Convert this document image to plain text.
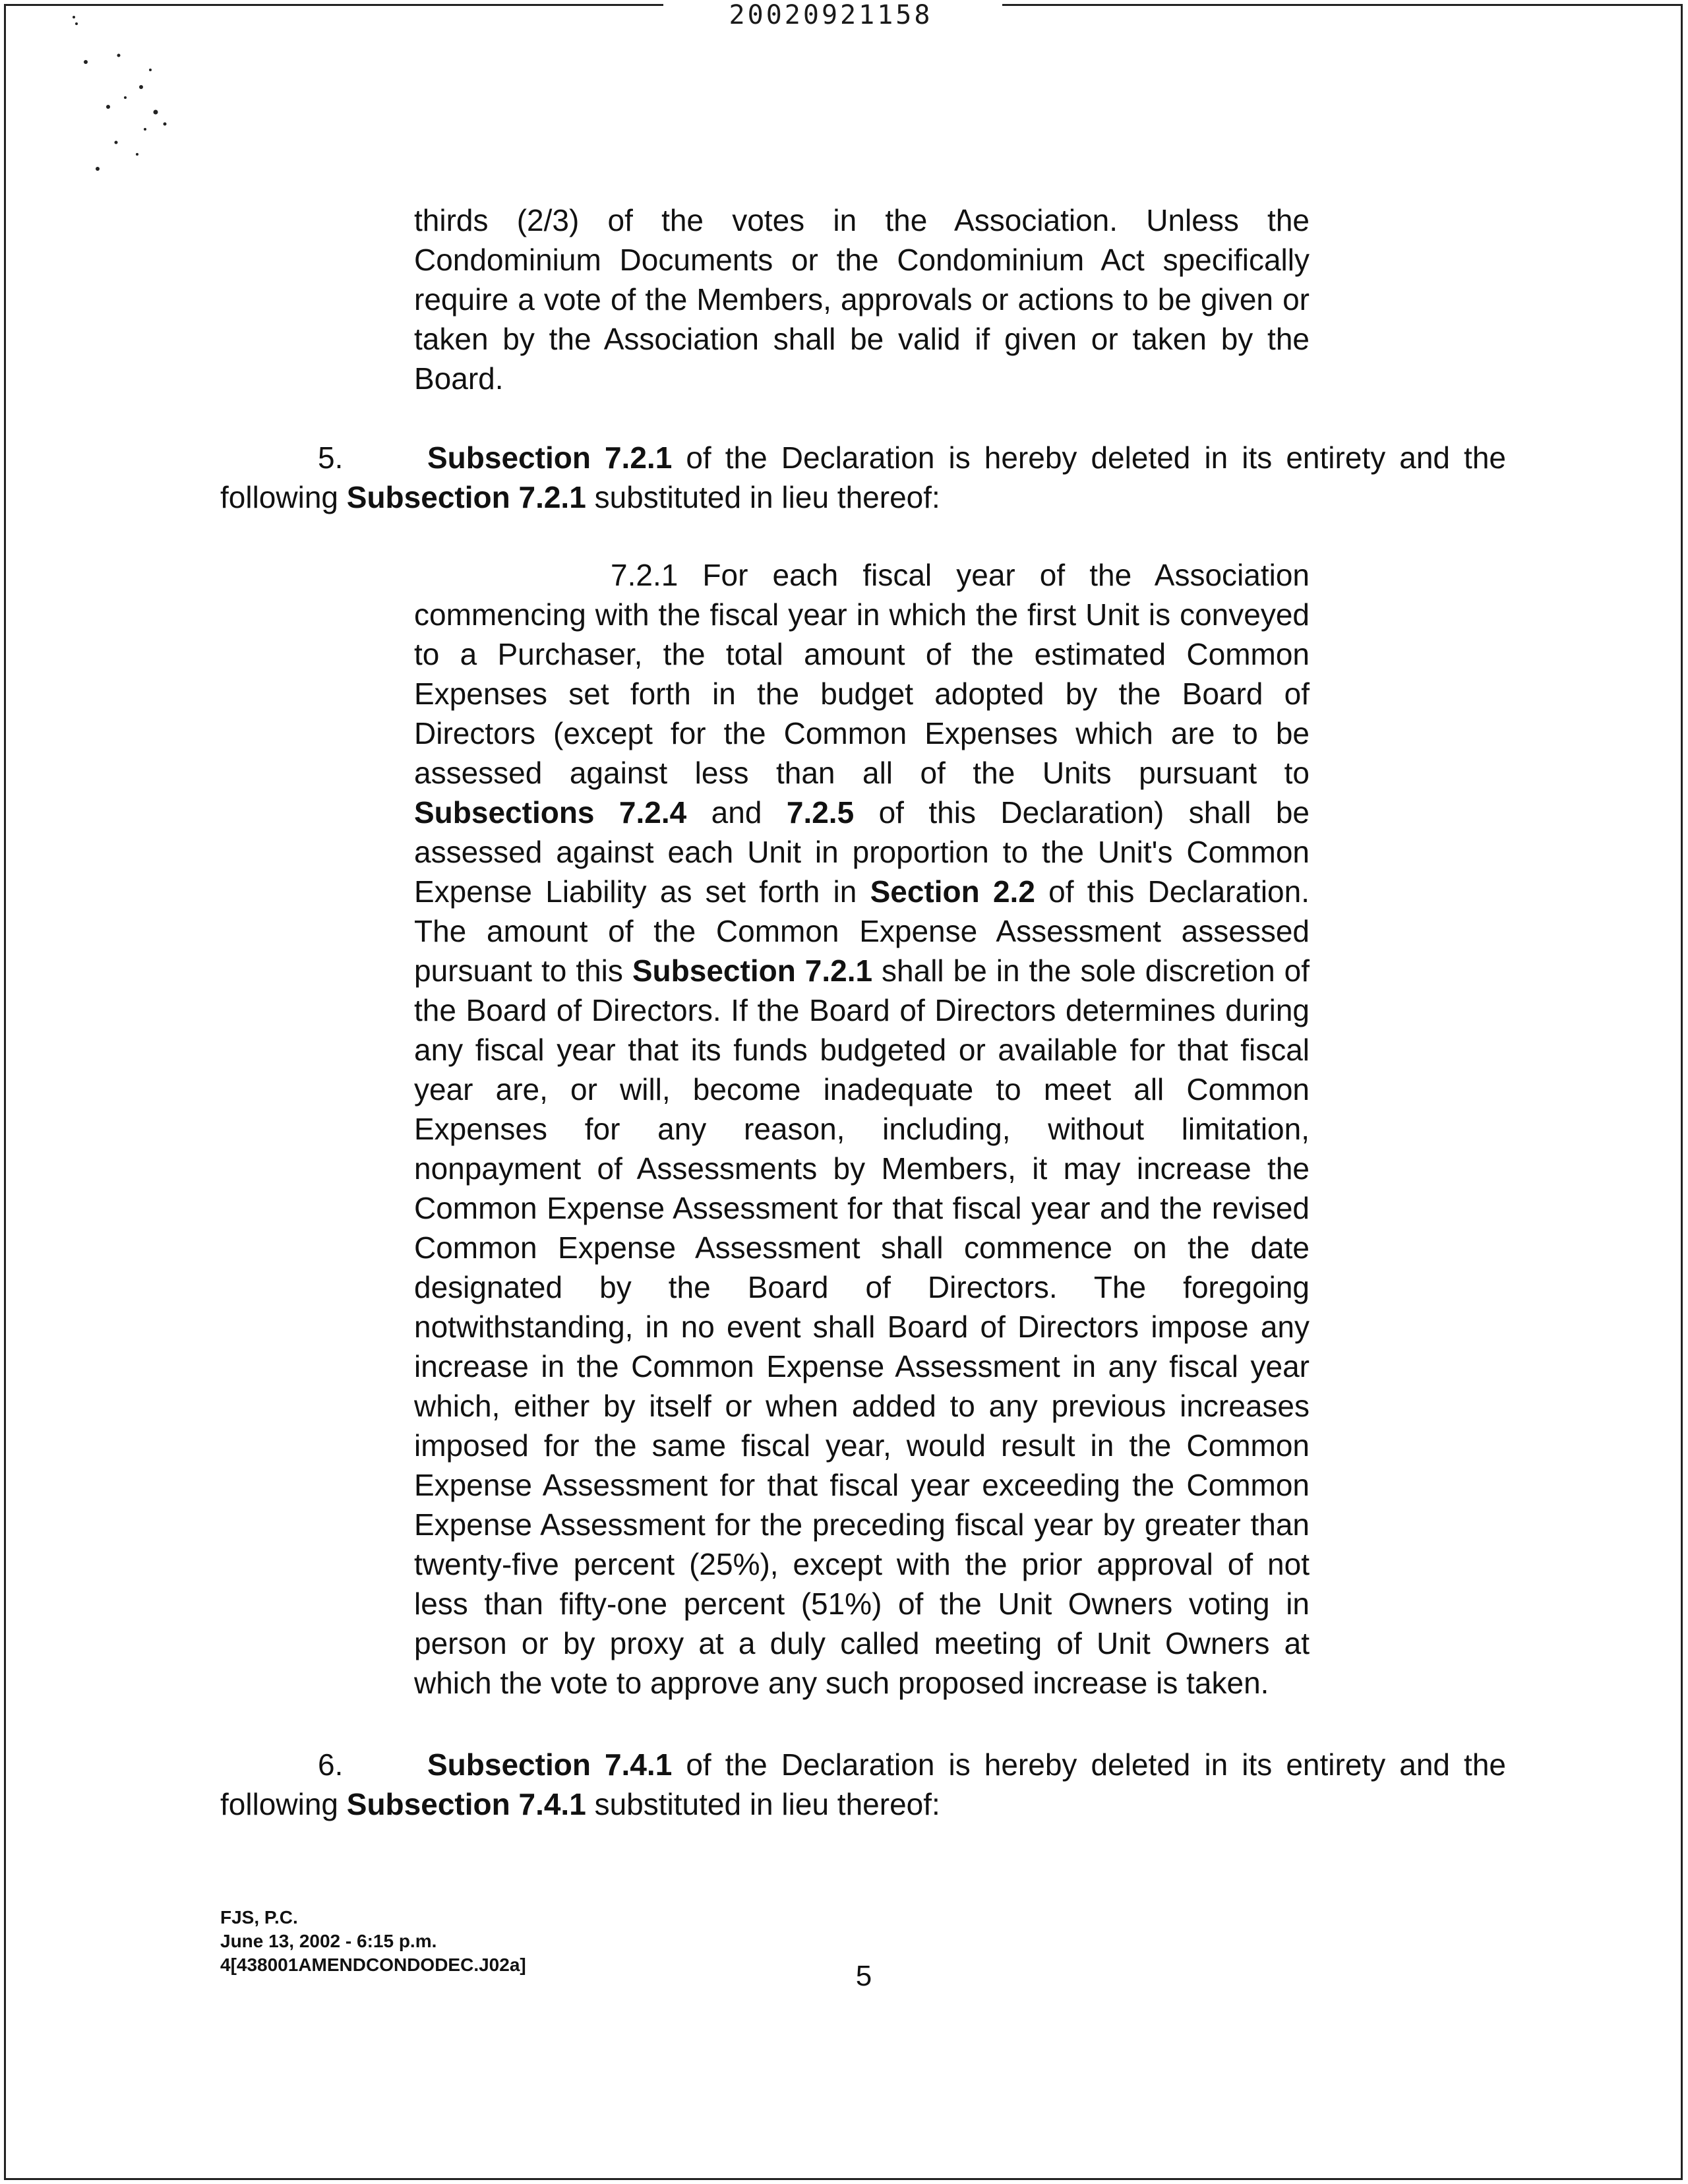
20020921158
thirds (2/3) of the votes in the Association. Unless the Condominium Documents or the Condominium Act specifically require a vote of the Members, approvals or actions to be given or taken by the Association shall be valid if given or taken by the Board.
5.	Subsection 7.2.1 of the Declaration is hereby deleted in its entirety and the following Subsection 7.2.1 substituted in lieu thereof:
7.2.1 For each fiscal year of the Association commencing with the fiscal year in which the first Unit is conveyed to a Purchaser, the total amount of the estimated Common Expenses set forth in the budget adopted by the Board of Directors (except for the Common Expenses which are to be assessed against less than all of the Units pursuant to Subsections 7.2.4 and 7.2.5 of this Declaration) shall be assessed against each Unit in proportion to the Unit's Common Expense Liability as set forth in Section 2.2 of this Declaration. The amount of the Common Expense Assessment assessed pursuant to this Subsection 7.2.1 shall be in the sole discretion of the Board of Directors. If the Board of Directors determines during any fiscal year that its funds budgeted or available for that fiscal year are, or will, become inadequate to meet all Common Expenses for any reason, including, without limitation, nonpayment of Assessments by Members, it may increase the Common Expense Assessment for that fiscal year and the revised Common Expense Assessment shall commence on the date designated by the Board of Directors. The foregoing notwithstanding, in no event shall Board of Directors impose any increase in the Common Expense Assessment in any fiscal year which, either by itself or when added to any previous increases imposed for the same fiscal year, would result in the Common Expense Assessment for that fiscal year exceeding the Common Expense Assessment for the preceding fiscal year by greater than twenty-five percent (25%), except with the prior approval of not less than fifty-one percent (51%) of the Unit Owners voting in person or by proxy at a duly called meeting of Unit Owners at which the vote to approve any such proposed increase is taken.
6.	Subsection 7.4.1 of the Declaration is hereby deleted in its entirety and the following Subsection 7.4.1 substituted in lieu thereof:
FJS, P.C.
June 13, 2002 - 6:15 p.m.
4[438001AMENDCONDODEC.J02a]	5
